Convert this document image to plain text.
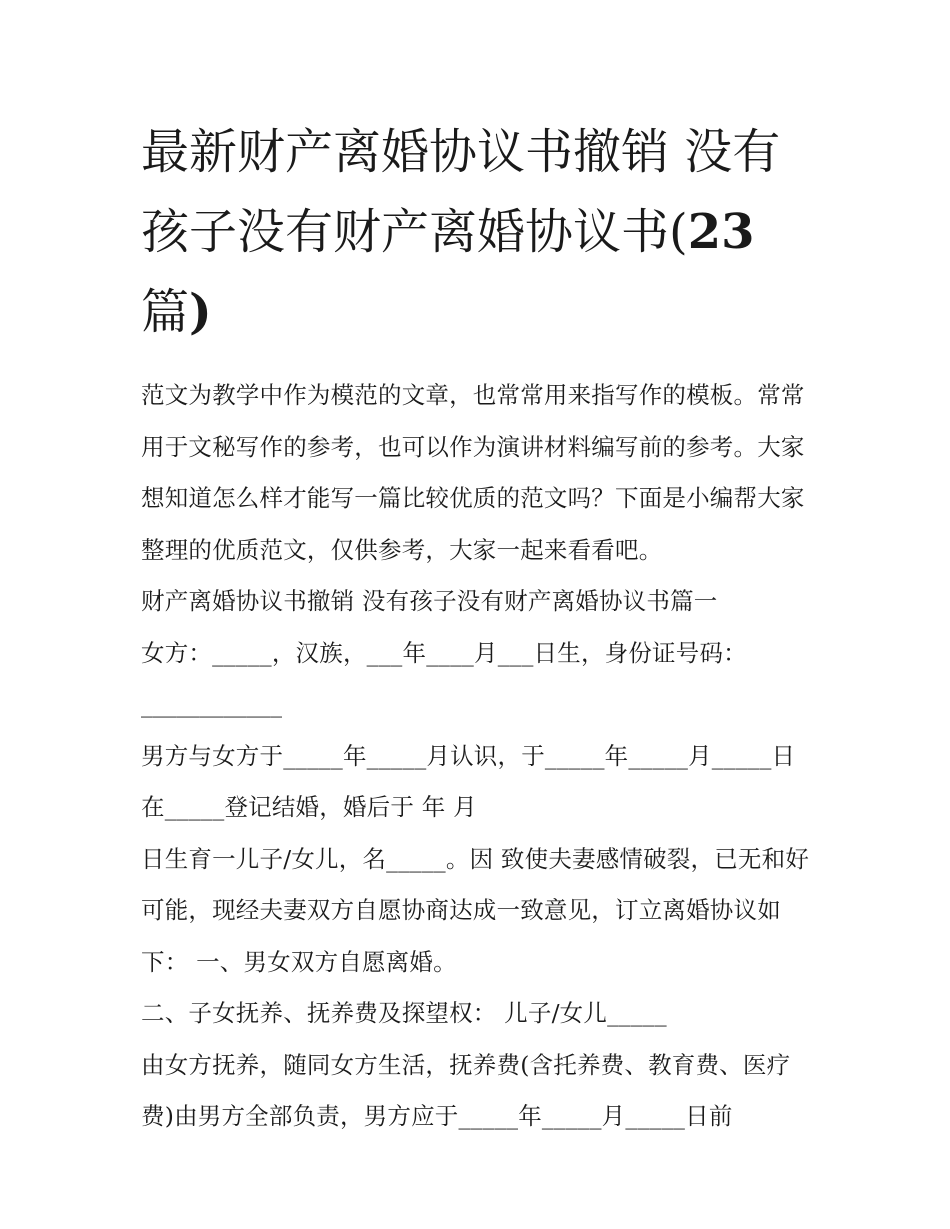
最新财产离婚协议书撤销 没有孩子没有财产离婚协议书(23
篇)

范文为教学中作为模范的文章，也常常用来指写作的模板。常常用于文秘写作的参考，也可以作为演讲材料编写前的参考。大家想知道怎么样才能写一篇比较优质的范文吗？下面是小编帮大家整理的优质范文，仅供参考，大家一起来看看吧。

财产离婚协议书撤销 没有孩子没有财产离婚协议书篇一

女方：_____，汉族，___年____月___日生，身份证号码：

____________

男方与女方于_____年_____月认识，于_____年_____月_____日在_____登记结婚，婚后于 年 月

日生育一儿子/女儿，名_____。因 致使夫妻感情破裂，已无和好可能，现经夫妻双方自愿协商达成一致意见，订立离婚协议如下： 一、男女双方自愿离婚。

二、子女抚养、抚养费及探望权： 儿子/女儿_____

由女方抚养，随同女方生活，抚养费(含托养费、教育费、医疗费)由男方全部负责，男方应于_____年_____月_____日前
